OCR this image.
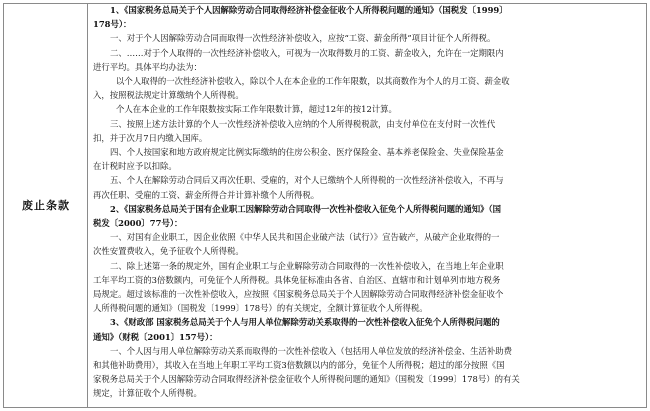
废止条款

1、《国家税务总局关于个人因解除劳动合同取得经济补偿金征收个人所得税问题的通知》（国税发〔1999〕

178号）：

一、对于个人因解除劳动合同而取得一次性经济补偿收入，应按“工资、薪金所得”项目计征个人所得税。

二、……对于个人取得的一次性经济补偿收入，可视为一次取得数月的工资、薪金收入，允许在一定期限内

进行平均。具体平均办法为：

以个人取得的一次性经济补偿收入，除以个人在本企业的工作年限数，以其商数作为个人的月工资、薪金收

入，按照税法规定计算缴纳个人所得税。

个人在本企业的工作年限数按实际工作年限数计算，超过12年的按12计算。

三、按照上述方法计算的个人一次性经济补偿收入应纳的个人所得税税款，由支付单位在支付时一次性代

扣，并于次月7日内缴入国库。

四、个人按国家和地方政府规定比例实际缴纳的住房公积金、医疗保险金、基本养老保险金、失业保险基金

在计税时应予以扣除。

五、个人在解除劳动合同后又再次任职、受雇的，对个人已缴纳个人所得税的一次性经济补偿收入，不再与

再次任职、受雇的工资、薪金所得合并计算补缴个人所得税。

2、《国家税务总局关于国有企业职工因解除劳动合同取得一次性补偿收入征免个人所得税问题的通知》（国

税发〔2000〕77号）：

一、对国有企业职工，因企业依照《中华人民共和国企业破产法（试行）》宣告破产，从破产企业取得的一

次性安置费收入，免予征收个人所得税。

二、除上述第一条的规定外，国有企业职工与企业解除劳动合同取得的一次性补偿收入，在当地上年企业职

工年平均工资的3倍数额内，可免征个人所得税。具体免征标准由各省、自治区、直辖市和计划单列市地方税务

局规定。超过该标准的一次性补偿收入，应按照《国家税务总局关于个人因解除劳动合同取得经济补偿金征收个

人所得税问题的通知》（国税发〔1999〕178号）的有关规定，全额计算征收个人所得税。

3、《财政部 国家税务总局关于个人与用人单位解除劳动关系取得的一次性补偿收入征免个人所得税问题的

通知》（财税〔2001〕157号）：

一、个人因与用人单位解除劳动关系而取得的一次性补偿收入（包括用人单位发放的经济补偿金、生活补助费

和其他补助费用），其收入在当地上年职工平均工资3倍数额以内的部分，免征个人所得税；超过的部分按照《国

家税务总局关于个人因解除劳动合同取得经济补偿金征收个人所得税问题的通知》（国税发〔1999〕178号）的有关

规定，计算征收个人所得税。
